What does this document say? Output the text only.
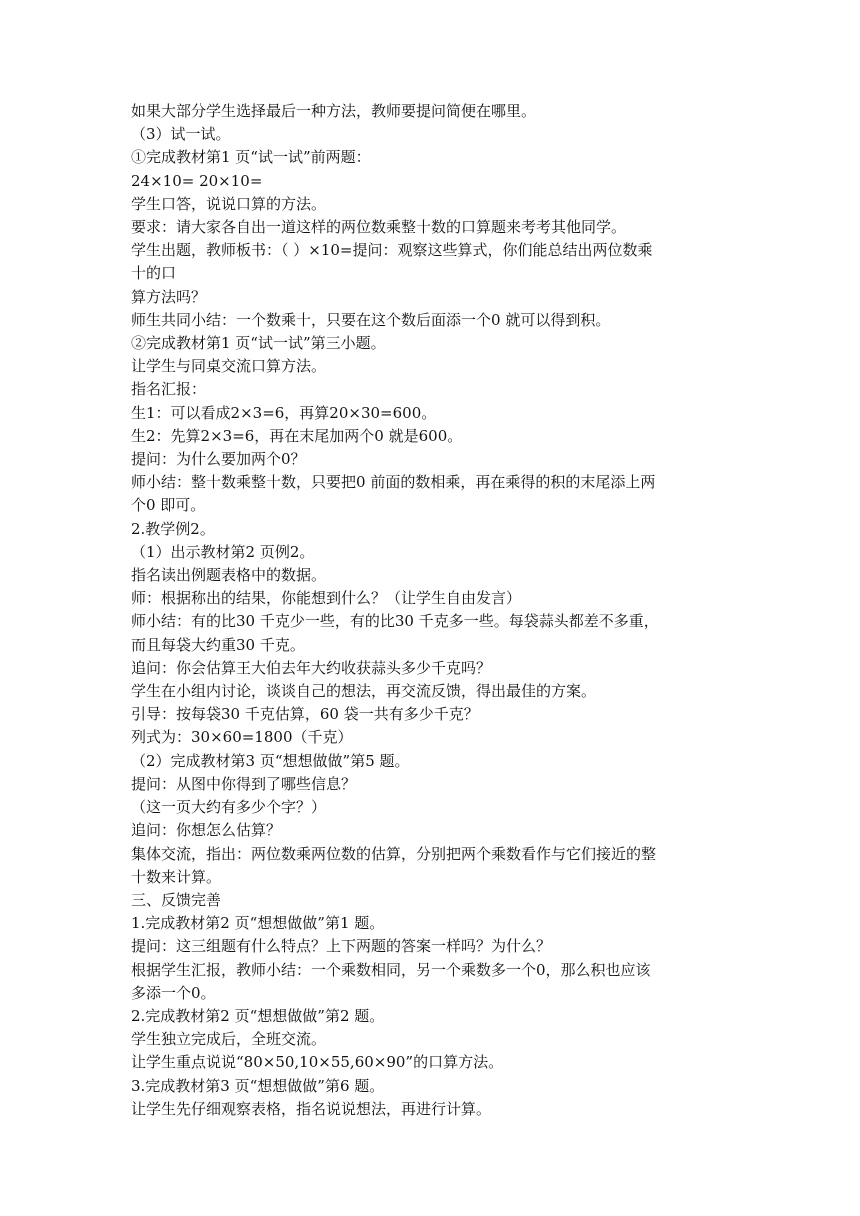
如果大部分学生选择最后一种方法，教师要提问简便在哪里。

（3）试一试。

①完成教材第1 页“试一试”前两题：

24×10= 20×10=

学生口答，说说口算的方法。

要求：请大家各自出一道这样的两位数乘整十数的口算题来考考其他同学。

学生出题，教师板书：（ ）×10=提问：观察这些算式，你们能总结出两位数乘

十的口

算方法吗？

师生共同小结：一个数乘十，只要在这个数后面添一个0 就可以得到积。

②完成教材第1 页“试一试”第三小题。

让学生与同桌交流口算方法。

指名汇报：

生1：可以看成2×3=6，再算20×30=600。

生2：先算2×3=6，再在末尾加两个0 就是600。

提问：为什么要加两个0？

师小结：整十数乘整十数，只要把0 前面的数相乘，再在乘得的积的末尾添上两

个0 即可。

2.教学例2。

（1）出示教材第2 页例2。

指名读出例题表格中的数据。

师：根据称出的结果，你能想到什么？（让学生自由发言）

师小结：有的比30 千克少一些，有的比30 千克多一些。每袋蒜头都差不多重，

而且每袋大约重30 千克。

追问：你会估算王大伯去年大约收获蒜头多少千克吗？

学生在小组内讨论，谈谈自己的想法，再交流反馈，得出最佳的方案。

引导：按每袋30 千克估算，60 袋一共有多少千克？

列式为：30×60=1800（千克）

（2）完成教材第3 页“想想做做”第5 题。

提问：从图中你得到了哪些信息？

（这一页大约有多少个字？）

追问：你想怎么估算？

集体交流，指出：两位数乘两位数的估算，分别把两个乘数看作与它们接近的整

十数来计算。

三、反馈完善

1.完成教材第2 页“想想做做”第1 题。

提问：这三组题有什么特点？上下两题的答案一样吗？为什么？

根据学生汇报，教师小结：一个乘数相同，另一个乘数多一个0，那么积也应该

多添一个0。

2.完成教材第2 页“想想做做”第2 题。

学生独立完成后，全班交流。

让学生重点说说“80×50,10×55,60×90”的口算方法。

3.完成教材第3 页“想想做做”第6 题。

让学生先仔细观察表格，指名说说想法，再进行计算。
